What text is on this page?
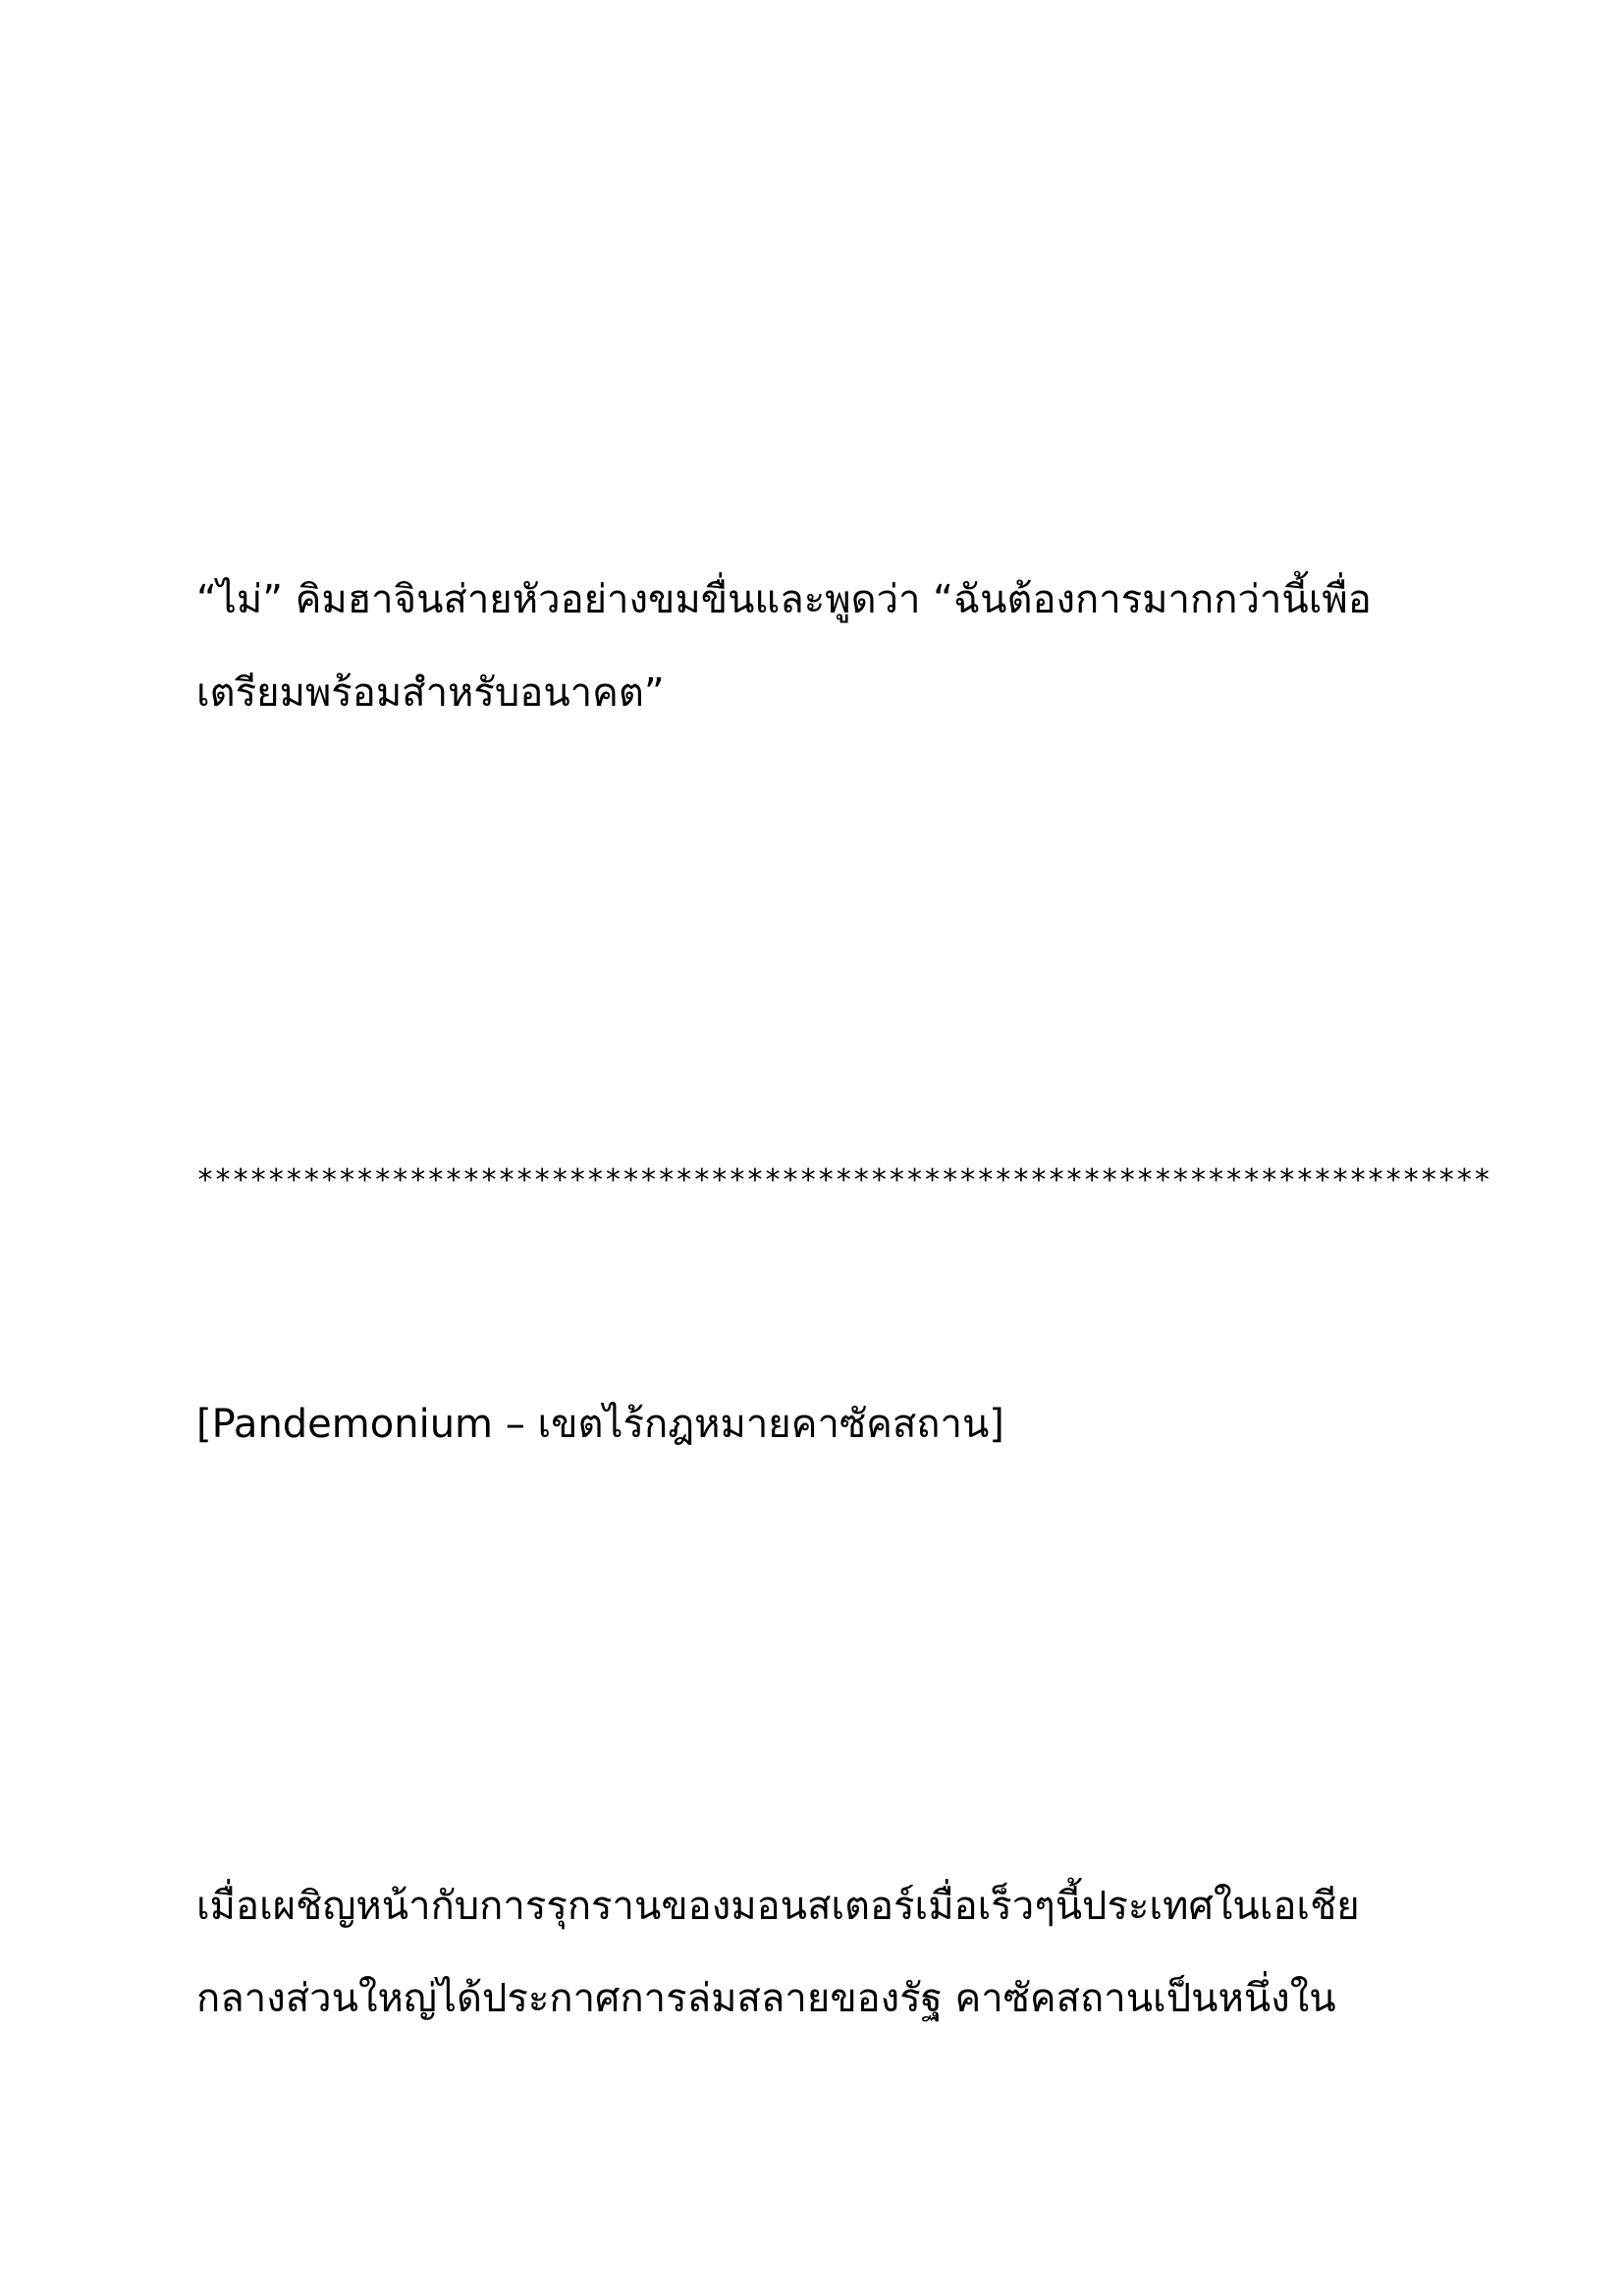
“ไม่” คิมฮาจินส่ายหัวอย่างขมขื่นและพูดว่า “ฉันต้องการมากกว่านี้เพื่อ
เตรียมพร้อมสำหรับอนาคต”
*************************************************************************
[Pandemonium – เขตไร้กฎหมายคาซัคสถาน]
เมื่อเผชิญหน้ากับการรุกรานของมอนสเตอร์เมื่อเร็วๆนี้ประเทศในเอเชีย
กลางส่วนใหญ่ได้ประกาศการล่มสลายของรัฐ คาซัคสถานเป็นหนึ่งใน
